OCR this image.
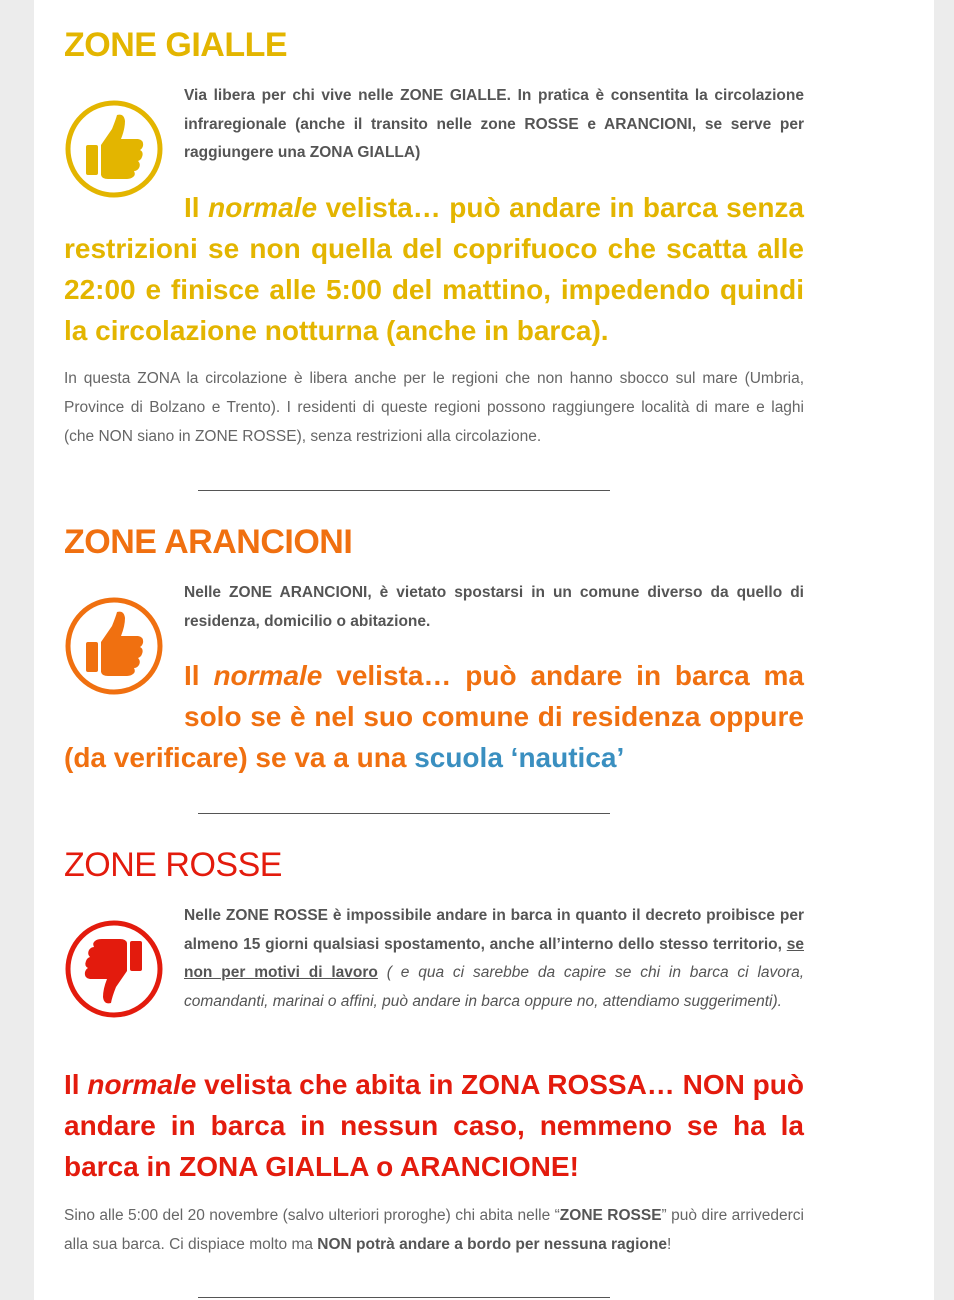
ZONE GIALLE

Via libera per chi vive nelle ZONE GIALLE. In pratica è consentita la circolazione infraregionale (anche il transito nelle zone ROSSE e ARANCIONI, se serve per raggiungere una ZONA GIALLA)

Il normale velista… può andare in barca senza restrizioni se non quella del coprifuoco che scatta alle 22:00 e finisce alle 5:00 del mattino, impedendo quindi la circolazione notturna (anche in barca).

In questa ZONA la circolazione è libera anche per le regioni che non hanno sbocco sul mare (Umbria, Province di Bolzano e Trento). I residenti di queste regioni possono raggiungere località di mare e laghi (che NON siano in ZONE ROSSE), senza restrizioni alla circolazione.

ZONE ARANCIONI

Nelle ZONE ARANCIONI, è vietato spostarsi in un comune diverso da quello di residenza, domicilio o abitazione.

Il normale velista… può andare in barca ma solo se è nel suo comune di residenza oppure (da verificare) se va a una scuola ‘nautica’

ZONE ROSSE

Nelle ZONE ROSSE è impossibile andare in barca in quanto il decreto proibisce per almeno 15 giorni qualsiasi spostamento, anche all’interno dello stesso territorio, se non per motivi di lavoro ( e qua ci sarebbe da capire se chi in barca ci lavora, comandanti, marinai o affini, può andare in barca oppure no, attendiamo suggerimenti).

Il normale velista che abita in ZONA ROSSA… NON può andare in barca in nessun caso, nemmeno se ha la barca in ZONA GIALLA o ARANCIONE!

Sino alle 5:00 del 20 novembre (salvo ulteriori proroghe) chi abita nelle “ZONE ROSSE” può dire arrivederci alla sua barca. Ci dispiace molto ma NON potrà andare a bordo per nessuna ragione!
